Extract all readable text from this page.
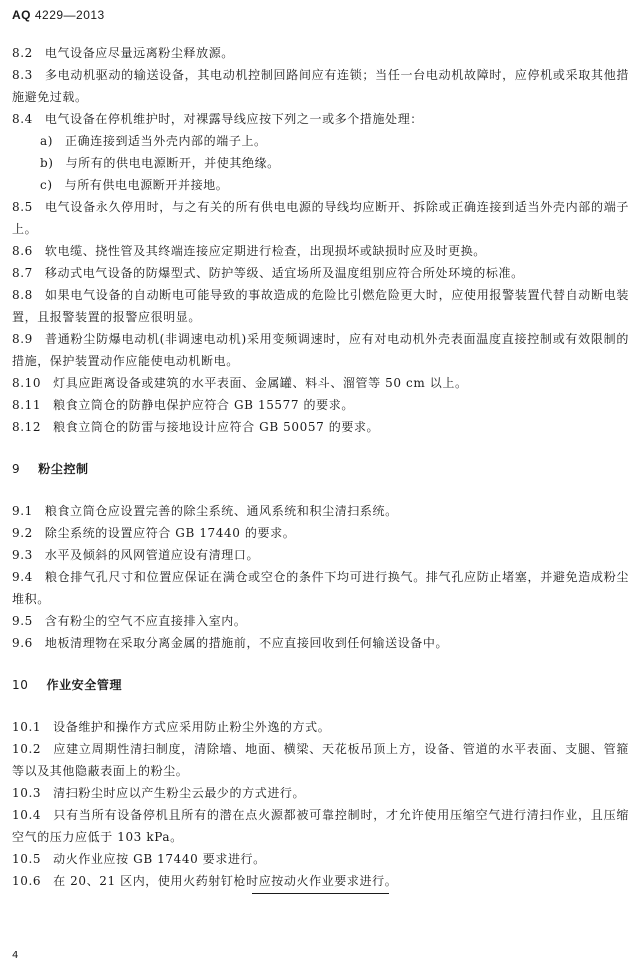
AQ 4229—2013

8.2 电气设备应尽量远离粉尘释放源。

8.3 多电动机驱动的输送设备，其电动机控制回路间应有连锁；当任一台电动机故障时，应停机或采取其他措施避免过载。

8.4 电气设备在停机维护时，对裸露导线应按下列之一或多个措施处理：

a) 正确连接到适当外壳内部的端子上。

b) 与所有的供电电源断开，并使其绝缘。

c) 与所有供电电源断开并接地。

8.5 电气设备永久停用时，与之有关的所有供电电源的导线均应断开、拆除或正确连接到适当外壳内部的端子上。

8.6 软电缆、挠性管及其终端连接应定期进行检查，出现损坏或缺损时应及时更换。

8.7 移动式电气设备的防爆型式、防护等级、适宜场所及温度组别应符合所处环境的标准。

8.8 如果电气设备的自动断电可能导致的事故造成的危险比引燃危险更大时，应使用报警装置代替自动断电装置，且报警装置的报警应很明显。

8.9 普通粉尘防爆电动机(非调速电动机)采用变频调速时，应有对电动机外壳表面温度直接控制或有效限制的措施，保护装置动作应能使电动机断电。

8.10 灯具应距离设备或建筑的水平表面、金属罐、料斗、溜管等 50 cm 以上。

8.11 粮食立筒仓的防静电保护应符合 GB 15577 的要求。

8.12 粮食立筒仓的防雷与接地设计应符合 GB 50057 的要求。

9 粉尘控制

9.1 粮食立筒仓应设置完善的除尘系统、通风系统和积尘清扫系统。

9.2 除尘系统的设置应符合 GB 17440 的要求。

9.3 水平及倾斜的风网管道应设有清理口。

9.4 粮仓排气孔尺寸和位置应保证在满仓或空仓的条件下均可进行换气。排气孔应防止堵塞，并避免造成粉尘堆积。

9.5 含有粉尘的空气不应直接排入室内。

9.6 地板清理物在采取分离金属的措施前，不应直接回收到任何输送设备中。

10 作业安全管理

10.1 设备维护和操作方式应采用防止粉尘外逸的方式。

10.2 应建立周期性清扫制度，清除墙、地面、横梁、天花板吊顶上方，设备、管道的水平表面、支腿、管箍等以及其他隐蔽表面上的粉尘。

10.3 清扫粉尘时应以产生粉尘云最少的方式进行。

10.4 只有当所有设备停机且所有的潜在点火源都被可靠控制时，才允许使用压缩空气进行清扫作业，且压缩空气的压力应低于 103 kPa。

10.5 动火作业应按 GB 17440 要求进行。

10.6 在 20、21 区内，使用火药射钉枪时应按动火作业要求进行。

4
